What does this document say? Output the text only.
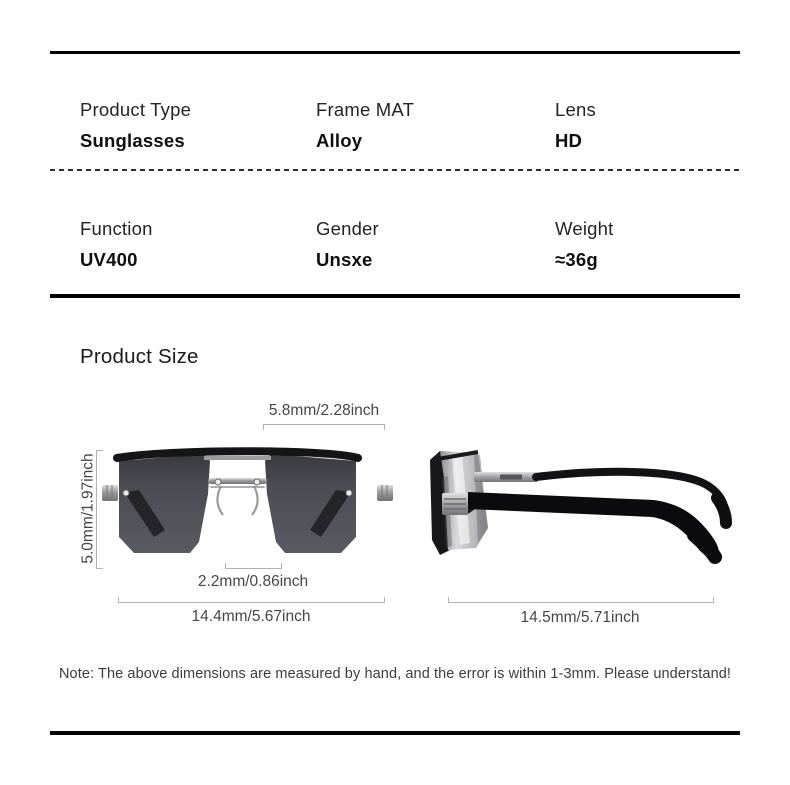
Product Type
Sunglasses
Frame MAT
Alloy
Lens
HD
Function
UV400
Gender
Unsxe
Weight
≈36g
Product Size
5.8mm/2.28inch
5.0mm/1.97inch
2.2mm/0.86inch
14.4mm/5.67inch	14.5mm/5.71inch
Note: The above dimensions are measured by hand, and the error is within 1-3mm. Please understand!
